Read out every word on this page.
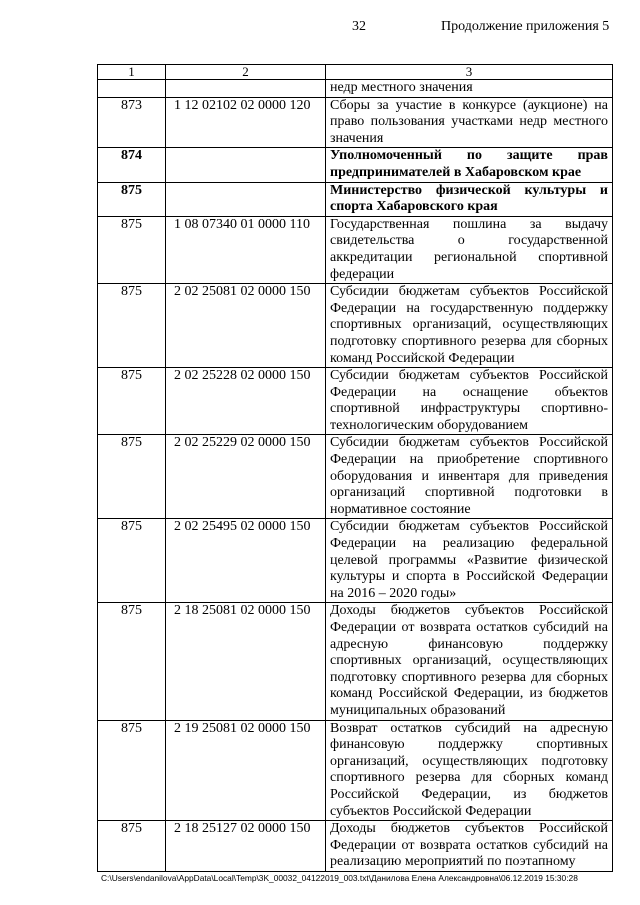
32	Продолжение приложения 5
1	2	3
		недр местного значения
873	1 12 02102 02 0000 120	Сборы за участие в конкурсе (аукционе) на право пользования участками недр местного значения
874		Уполномоченный по защите прав предпринимателей в Хабаровском крае
875		Министерство физической культуры и спорта Хабаровского края
875	1 08 07340 01 0000 110	Государственная пошлина за выдачу свидетельства о государственной аккредитации региональной спортивной федерации
875	2 02 25081 02 0000 150	Субсидии бюджетам субъектов Российской Федерации на государственную поддержку спортивных организаций, осуществляющих подготовку спортивного резерва для сборных команд Российской Федерации
875	2 02 25228 02 0000 150	Субсидии бюджетам субъектов Российской Федерации на оснащение объектов спортивной инфраструктуры спортивно-технологическим оборудованием
875	2 02 25229 02 0000 150	Субсидии бюджетам субъектов Российской Федерации на приобретение спортивного оборудования и инвентаря для приведения организаций спортивной подготовки в нормативное состояние
875	2 02 25495 02 0000 150	Субсидии бюджетам субъектов Российской Федерации на реализацию федеральной целевой программы «Развитие физической культуры и спорта в Российской Федерации на 2016 – 2020 годы»
875	2 18 25081 02 0000 150	Доходы бюджетов субъектов Российской Федерации от возврата остатков субсидий на адресную финансовую поддержку спортивных организаций, осуществляющих подготовку спортивного резерва для сборных команд Российской Федерации, из бюджетов муниципальных образований
875	2 19 25081 02 0000 150	Возврат остатков субсидий на адресную финансовую поддержку спортивных организаций, осуществляющих подготовку спортивного резерва для сборных команд Российской Федерации, из бюджетов субъектов Российской Федерации
875	2 18 25127 02 0000 150	Доходы бюджетов субъектов Российской Федерации от возврата остатков субсидий на реализацию мероприятий по поэтапному
C:\Users\endanilova\AppData\Local\Temp\3K_00032_04122019_003.txt\Данилова Елена Александровна\06.12.2019 15:30:28
